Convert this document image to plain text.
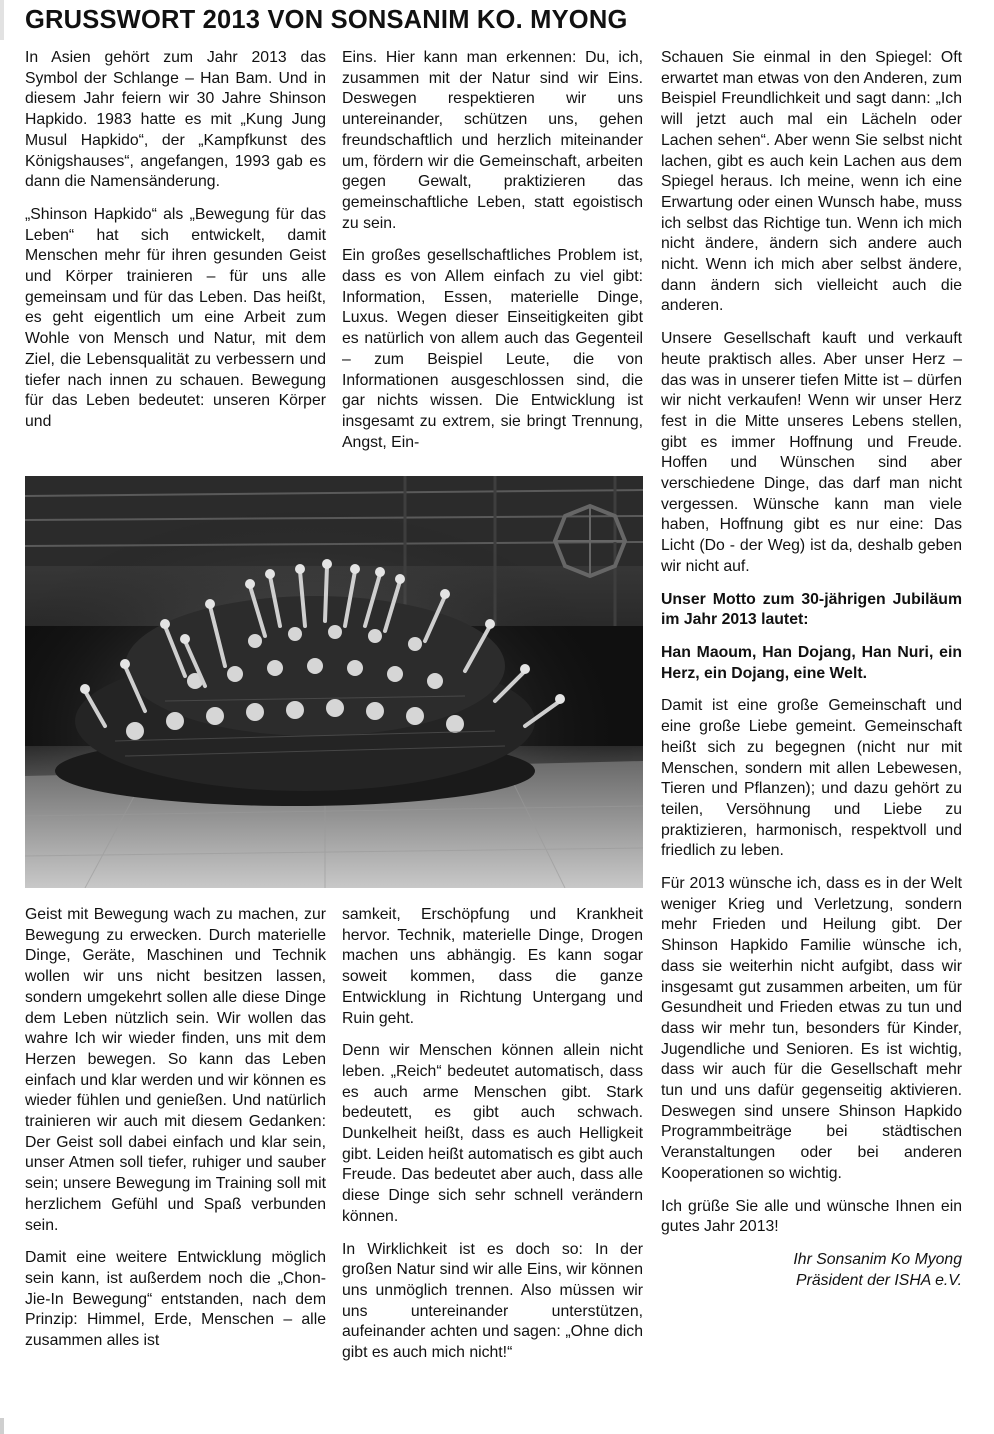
GRUSSWORT 2013 VON SONSANIM KO. MYONG

In Asien gehört zum Jahr 2013 das Symbol der Schlange – Han Bam. Und in diesem Jahr feiern wir 30 Jahre Shinson Hapkido. 1983 hatte es mit „Kung Jung Musul Hapkido“, der „Kampfkunst des Königshauses“, angefangen, 1993 gab es dann die Namensänderung.

„Shinson Hapkido“ als „Bewegung für das Leben“ hat sich entwickelt, damit Menschen mehr für ihren gesunden Geist und Körper trainieren – für uns alle gemeinsam und für das Leben. Das heißt, es geht eigentlich um eine Arbeit zum Wohle von Mensch und Natur, mit dem Ziel, die Lebensqualität zu verbessern und tiefer nach innen zu schauen. Bewegung für das Leben bedeutet: unseren Körper und

Eins. Hier kann man erkennen: Du, ich, zusammen mit der Natur sind wir Eins. Deswegen respektieren wir uns untereinander, schützen uns, gehen freundschaftlich und herzlich miteinander um, fördern wir die Gemeinschaft, arbeiten gegen Gewalt, praktizieren das gemeinschaftliche Leben, statt egoistisch zu sein.

Ein großes gesellschaftliches Problem ist, dass es von Allem einfach zu viel gibt: Information, Essen, materielle Dinge, Luxus. Wegen dieser Einseitigkeiten gibt es natürlich von allem auch das Gegenteil – zum Beispiel Leute, die von Informationen ausgeschlossen sind, die gar nichts wissen. Die Entwicklung ist insgesamt zu extrem, sie bringt Trennung, Angst, Ein-

Geist mit Bewegung wach zu machen, zur Bewegung zu erwecken. Durch materielle Dinge, Geräte, Maschinen und Technik wollen wir uns nicht besitzen lassen, sondern umgekehrt sollen alle diese Dinge dem Leben nützlich sein. Wir wollen das wahre Ich wir wieder finden, uns mit dem Herzen bewegen. So kann das Leben einfach und klar werden und wir können es wieder fühlen und genießen. Und natürlich trainieren wir auch mit diesem Gedanken: Der Geist soll dabei einfach und klar sein, unser Atmen soll tiefer, ruhiger und sauber sein; unsere Bewegung im Training soll mit herzlichem Gefühl und Spaß verbunden sein.

Damit eine weitere Entwicklung möglich sein kann, ist außerdem noch die „Chon-Jie-In Bewegung“ entstanden, nach dem Prinzip: Himmel, Erde, Menschen – alle zusammen alles ist

samkeit, Erschöpfung und Krankheit hervor. Technik, materielle Dinge, Drogen machen uns abhängig. Es kann sogar soweit kommen, dass die ganze Entwicklung in Richtung Untergang und Ruin geht.

Denn wir Menschen können allein nicht leben. „Reich“ bedeutet automatisch, dass es auch arme Menschen gibt. Stark bedeutett, es gibt auch schwach. Dunkelheit heißt, dass es auch Helligkeit gibt. Leiden heißt automatisch es gibt auch Freude. Das bedeutet aber auch, dass alle diese Dinge sich sehr schnell verändern können.

In Wirklichkeit ist es doch so: In der großen Natur sind wir alle Eins, wir können uns unmöglich trennen. Also müssen wir uns untereinander unterstützen, aufeinander achten und sagen: „Ohne dich gibt es auch mich nicht!“

Schauen Sie einmal in den Spiegel: Oft erwartet man etwas von den Anderen, zum Beispiel Freundlichkeit und sagt dann: „Ich will jetzt auch mal ein Lächeln oder Lachen sehen“. Aber wenn Sie selbst nicht lachen, gibt es auch kein Lachen aus dem Spiegel heraus. Ich meine, wenn ich eine Erwartung oder einen Wunsch habe, muss ich selbst das Richtige tun. Wenn ich mich nicht ändere, ändern sich andere auch nicht. Wenn ich mich aber selbst ändere, dann ändern sich vielleicht auch die anderen.

Unsere Gesellschaft kauft und verkauft heute praktisch alles. Aber unser Herz – das was in unserer tiefen Mitte ist – dürfen wir nicht verkaufen! Wenn wir unser Herz fest in die Mitte unseres Lebens stellen, gibt es immer Hoffnung und Freude. Hoffen und Wünschen sind aber verschiedene Dinge, das darf man nicht vergessen. Wünsche kann man viele haben, Hoffnung gibt es nur eine: Das Licht (Do - der Weg) ist da, deshalb geben wir nicht auf.

Unser Motto zum 30-jährigen Jubiläum im Jahr 2013 lautet:

Han Maoum, Han Dojang, Han Nuri, ein Herz, ein Dojang, eine Welt.

Damit ist eine große Gemeinschaft und eine große Liebe gemeint. Gemeinschaft heißt sich zu begegnen (nicht nur mit Menschen, sondern mit allen Lebewesen, Tieren und Pflanzen); und dazu gehört zu teilen, Versöhnung und Liebe zu praktizieren, harmonisch, respektvoll und friedlich zu leben.

Für 2013 wünsche ich, dass es in der Welt weniger Krieg und Verletzung, sondern mehr Frieden und Heilung gibt. Der Shinson Hapkido Familie wünsche ich, dass sie weiterhin nicht aufgibt, dass wir insgesamt gut zusammen arbeiten, um für Gesundheit und Frieden etwas zu tun und dass wir mehr tun, besonders für Kinder, Jugendliche und Senioren. Es ist wichtig, dass wir auch für die Gesellschaft mehr tun und uns dafür gegenseitig aktivieren. Deswegen sind unsere Shinson Hapkido Programmbeiträge bei städtischen Veranstaltungen oder bei anderen Kooperationen so wichtig.

Ich grüße Sie alle und wünsche Ihnen ein gutes Jahr 2013!

Ihr Sonsanim Ko Myong

Präsident der ISHA e.V.
